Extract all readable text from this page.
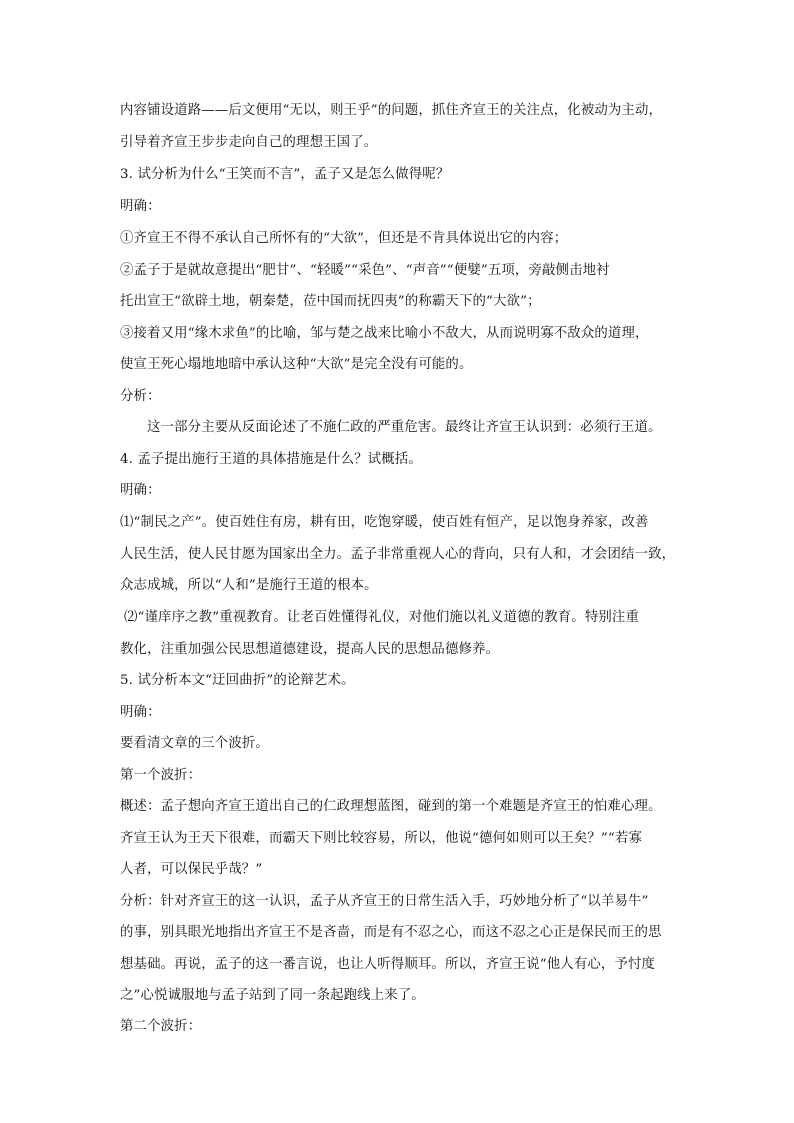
内容铺设道路——后文便用“无以，则王乎”的问题，抓住齐宣王的关注点，化被动为主动，
引导着齐宣王步步走向自己的理想王国了。
3. 试分析为什么“王笑而不言”，孟子又是怎么做得呢？
明确：
①齐宣王不得不承认自己所怀有的“大欲”，但还是不肯具体说出它的内容；
②孟子于是就故意提出“肥甘”、“轻暖”“采色”、“声音”“便嬖”五项，旁敲侧击地衬
托出宣王“欲辟土地，朝秦楚，莅中国而抚四夷”的称霸天下的“大欲”；
③接着又用“缘木求鱼”的比喻，邹与楚之战来比喻小不敌大，从而说明寡不敌众的道理，
使宣王死心塌地地暗中承认这种“大欲”是完全没有可能的。
分析：
这一部分主要从反面论述了不施仁政的严重危害。最终让齐宣王认识到：必须行王道。
4. 孟子提出施行王道的具体措施是什么？试概括。
明确：
⑴“制民之产”。使百姓住有房，耕有田，吃饱穿暖，使百姓有恒产，足以饱身养家，改善
人民生活，使人民甘愿为国家出全力。孟子非常重视人心的背向，只有人和，才会团结一致，
众志成城，所以“人和”是施行王道的根本。
⑵“谨庠序之教”重视教育。让老百姓懂得礼仪，对他们施以礼义道德的教育。特别注重
教化，注重加强公民思想道德建设，提高人民的思想品德修养。
5. 试分析本文“迂回曲折”的论辩艺术。
明确：
要看清文章的三个波折。
第一个波折：
概述：孟子想向齐宣王道出自己的仁政理想蓝图，碰到的第一个难题是齐宣王的怕难心理。
齐宣王认为王天下很难，而霸天下则比较容易，所以，他说“德何如则可以王矣？”“若寡
人者，可以保民乎哉？”
分析：针对齐宣王的这一认识，孟子从齐宣王的日常生活入手，巧妙地分析了“以羊易牛”
的事，别具眼光地指出齐宣王不是吝啬，而是有不忍之心，而这不忍之心正是保民而王的思
想基础。再说，孟子的这一番言说，也让人听得顺耳。所以，齐宣王说“他人有心，予忖度
之”心悦诚服地与孟子站到了同一条起跑线上来了。
第二个波折：
